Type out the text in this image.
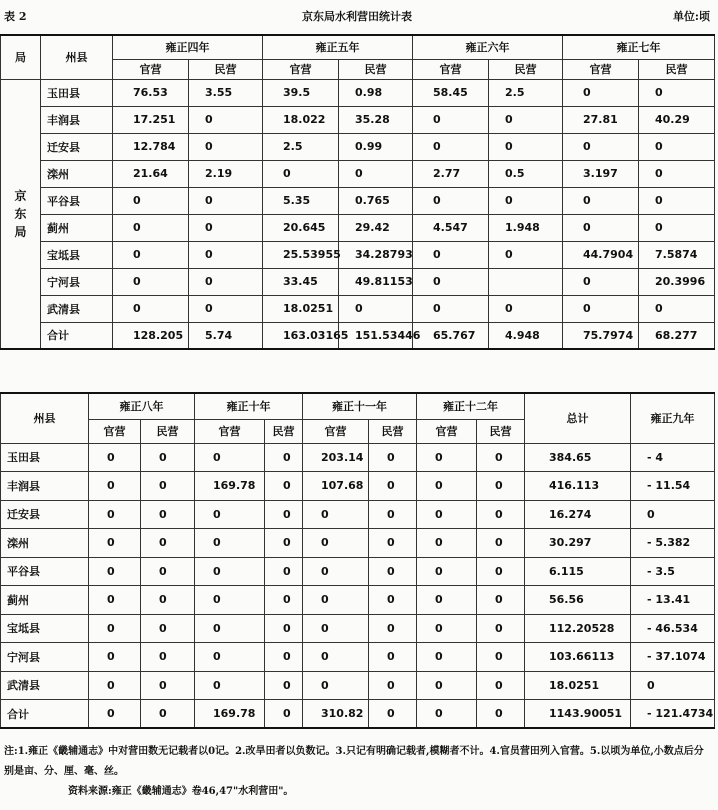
表 2	京东局水利营田统计表	单位:顷
局	州县	雍正四年		雍正五年		雍正六年		雍正七年	
		官营	民营	官营	民营	官营	民营	官营	民营
京东局	玉田县	76.53	3.55	39.5	0.98	58.45	2.5	0	0
	丰润县	17.251	0	18.022	35.28	0	0	27.81	40.29
	迁安县	12.784	0	2.5	0.99	0	0	0	0
	滦州	21.64	2.19	0	0	2.77	0.5	3.197	0
	平谷县	0	0	5.35	0.765	0	0	0	0
	蓟州	0	0	20.645	29.42	4.547	1.948	0	0
	宝坻县	0	0	25.53955	34.28793	0	0	44.7904	7.5874
	宁河县	0	0	33.45	49.81153	0		0	20.3996
	武清县	0	0	18.0251	0	0	0	0	0
	合计	128.205	5.74	163.03165	151.53446	65.767	4.948	75.7974	68.277
州县	雍正八年		雍正十年		雍正十一年		雍正十二年		总计	雍正九年
	官营	民营	官营	民营	官营	民营	官营	民营		
玉田县	0	0	0	0	203.14	0	0	0	384.65	- 4
丰润县	0	0	169.78	0	107.68	0	0	0	416.113	- 11.54
迁安县	0	0	0	0	0	0	0	0	16.274	0
滦州	0	0	0	0	0	0	0	0	30.297	- 5.382
平谷县	0	0	0	0	0	0	0	0	6.115	- 3.5
蓟州	0	0	0	0	0	0	0	0	56.56	- 13.41
宝坻县	0	0	0	0	0	0	0	0	112.20528	- 46.534
宁河县	0	0	0	0	0	0	0	0	103.66113	- 37.1074
武清县	0	0	0	0	0	0	0	0	18.0251	0
合计	0	0	169.78	0	310.82	0	0	0	1143.90051	- 121.4734
注:1.雍正《畿辅通志》中对营田数无记载者以0记。2.改旱田者以负数记。3.只记有明确记载者,模糊者不计。4.官员营田列入官营。5.以顷为单位,小数点后分别是亩、分、厘、毫、丝。
资料来源:雍正《畿辅通志》卷46,47"水利营田"。
